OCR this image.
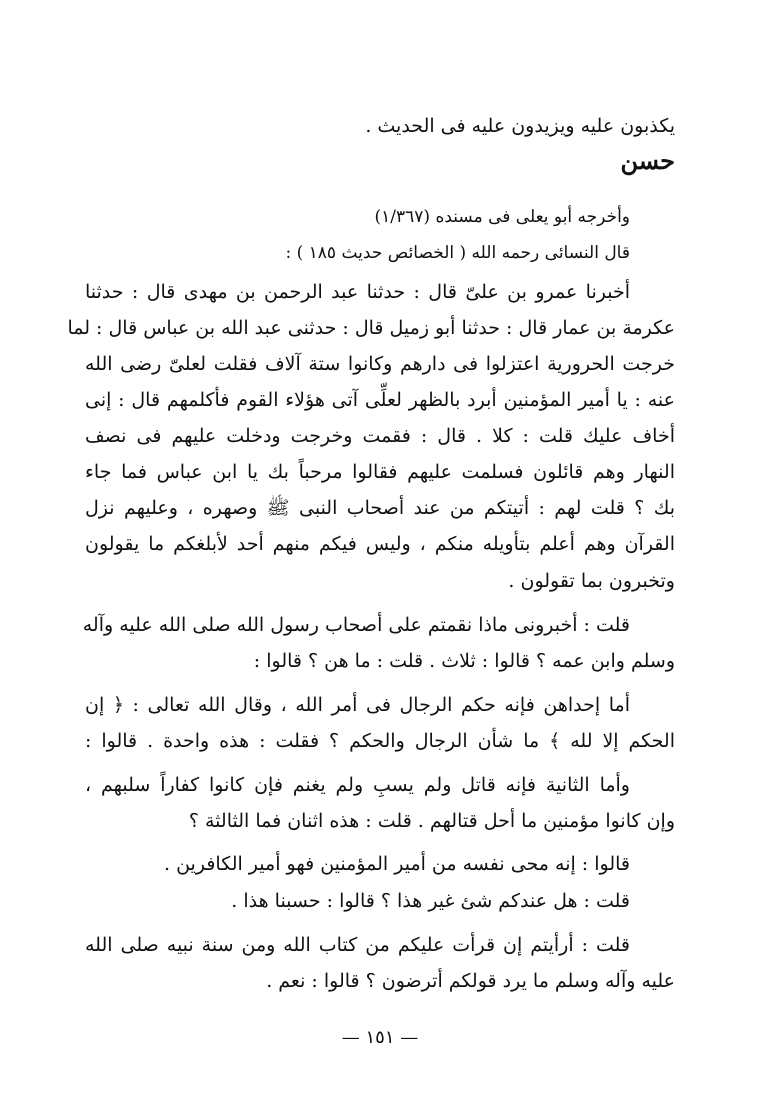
يكذبون عليه ويزيدون عليه فى الحديث .
حسن
وأخرجه أبو يعلى فى مسنده (١/٣٦٧)
قال النسائى رحمه الله ( الخصائص حديث ١٨٥ ) :
أخبرنا عمرو بن علىّ قال : حدثنا عبد الرحمن بن مهدى قال : حدثنا
عكرمة بن عمار قال : حدثنا أبو زميل قال : حدثنى عبد الله بن عباس قال : لما
خرجت الحرورية اعتزلوا فى دارهم وكانوا ستة آلاف فقلت لعلىّ رضى الله
عنه : يا أمير المؤمنين أبرد بالظهر لعلِّى آتى هؤلاء القوم فأكلمهم قال : إنى
أخاف عليك قلت : كلا . قال : فقمت وخرجت ودخلت عليهم فى نصف
النهار وهم قائلون فسلمت عليهم فقالوا مرحباً بك يا ابن عباس فما جاء
بك ؟ قلت لهم : أتيتكم من عند أصحاب النبى ﷺ وصهره ، وعليهم نزل
القرآن وهم أعلم بتأويله منكم ، وليس فيكم منهم أحد لأبلغكم ما يقولون
وتخبرون بما تقولون .
قلت : أخبرونى ماذا نقمتم على أصحاب رسول الله صلى الله عليه وآله
وسلم وابن عمه ؟ قالوا : ثلاث . قلت : ما هن ؟ قالوا :
أما إحداهن فإنه حكم الرجال فى أمر الله ، وقال الله تعالى : ﴿ إن
الحكم إلا لله ﴾ ما شأن الرجال والحكم ؟ فقلت : هذه واحدة . قالوا :
وأما الثانية فإنه قاتل ولم يسبِ ولم يغنم فإن كانوا كفاراً سلبهم ،
وإن كانوا مؤمنين ما أحل قتالهم . قلت : هذه اثنان فما الثالثة ؟
قالوا : إنه محى نفسه من أمير المؤمنين فهو أمير الكافرين .
قلت : هل عندكم شئ غير هذا ؟ قالوا : حسبنا هذا .
قلت : أرأيتم إن قرأت عليكم من كتاب الله ومن سنة نبيه صلى الله
عليه وآله وسلم ما يرد قولكم أترضون ؟ قالوا : نعم .
— ١٥١ —
